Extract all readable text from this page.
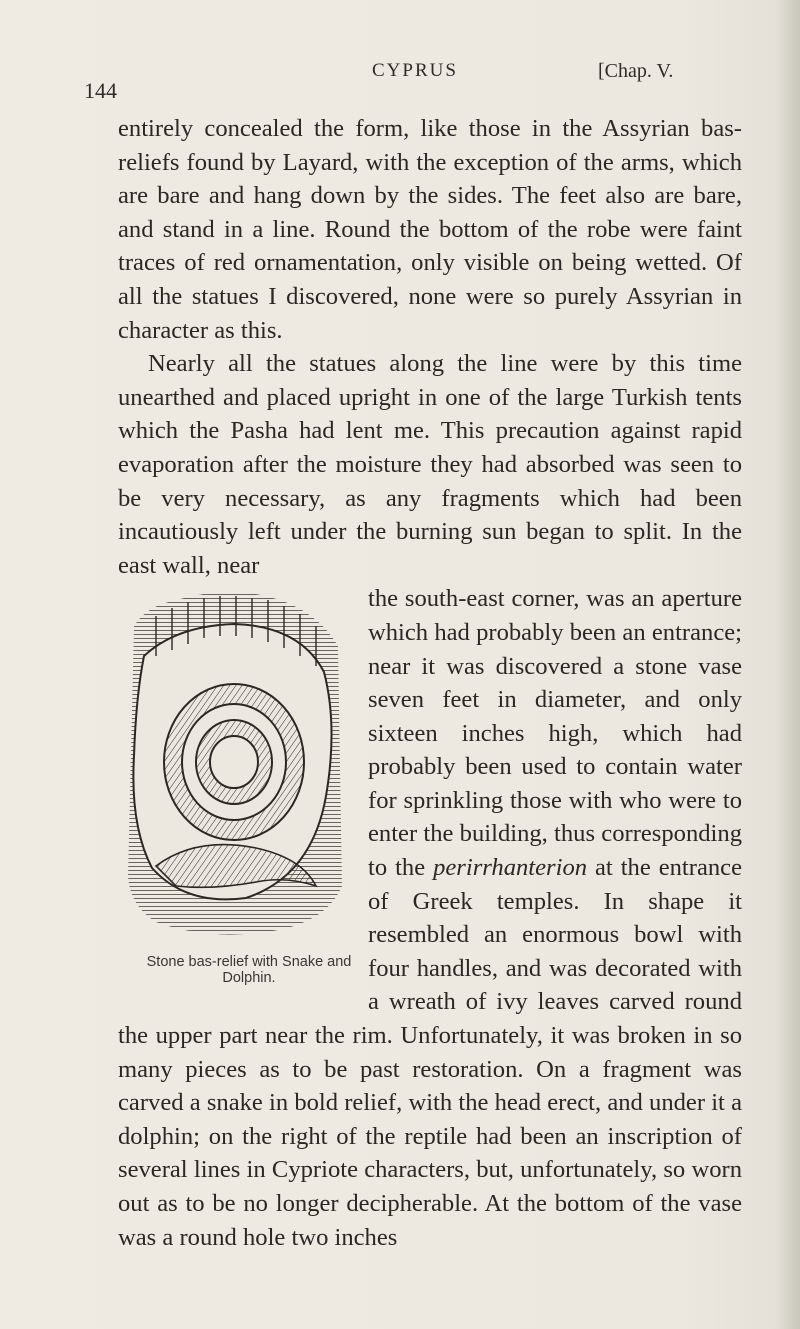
144
CYPRUS	[Chap. V.

entirely concealed the form, like those in the Assyrian bas-reliefs found by Layard, with the exception of the arms, which are bare and hang down by the sides. The feet also are bare, and stand in a line. Round the bottom of the robe were faint traces of red ornamentation, only visible on being wetted. Of all the statues I discovered, none were so purely Assyrian in character as this.

Nearly all the statues along the line were by this time unearthed and placed upright in one of the large Turkish tents which the Pasha had lent me. This precaution against rapid evaporation after the moisture they had absorbed was seen to be very necessary, as any fragments which had been incautiously left under the burning sun began to split. In the east wall, near

Stone bas-relief with Snake and
Dolphin.
the south-east corner, was an aperture which had probably been an entrance; near it was discovered a stone vase seven feet in diameter, and only sixteen inches high, which had probably been used to contain water for sprinkling those with who were to enter the building, thus corresponding to the perirrhanterion at the entrance of Greek temples. In shape it resembled an enormous bowl with four handles, and was decorated with a wreath of ivy leaves carved round the upper part near the rim. Unfortunately, it was broken in so many pieces as to be past restoration. On a fragment was carved a snake in bold relief, with the head erect, and under it a dolphin; on the right of the reptile had been an inscription of several lines in Cypriote characters, but, unfortunately, so worn out as to be no longer decipherable. At the bottom of the vase was a round hole two inches
